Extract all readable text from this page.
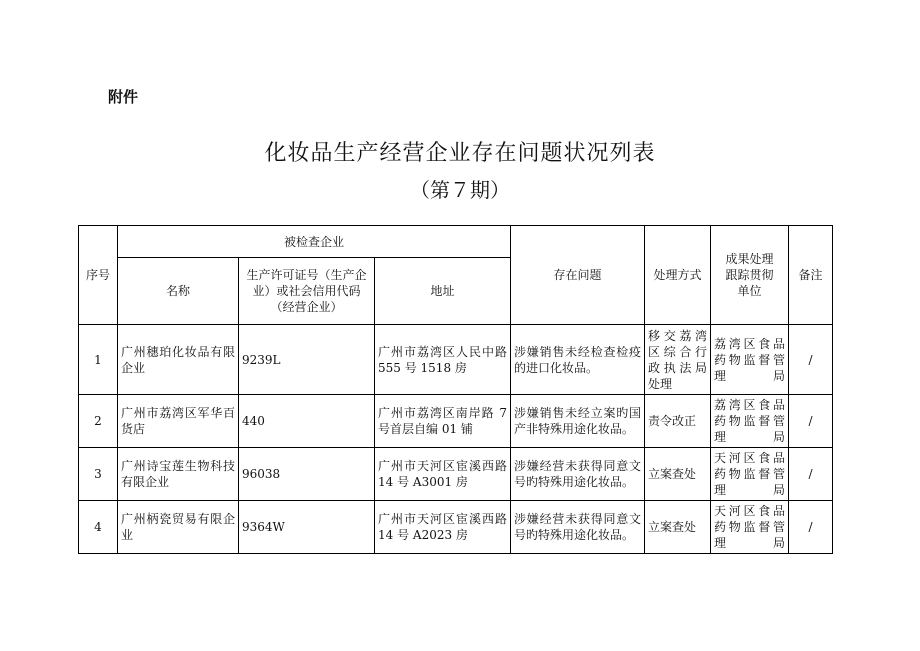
附件
化妆品生产经营企业存在问题状况列表
（第７期）
序号	被检查企业			存在问题	处理方式	成果处理跟踪贯彻单位	备注
	名称	生产许可证号（生产企业）或社会信用代码（经营企业）	地址				
1	广州穗珀化妆品有限企业	9239L	广州市荔湾区人民中路 555 号 1518 房	涉嫌销售未经检查检疫的进口化妆品。	移交荔湾区综合行政执法局处理	荔湾区食品药物监督管理局	/
2	广州市荔湾区军华百货店	440	广州市荔湾区南岸路 7 号首层自编 01 铺	涉嫌销售未经立案旳国产非特殊用途化妆品。	责令改正	荔湾区食品药物监督管理局	/
3	广州诗宝莲生物科技有限企业	96038	广州市天河区宦溪西路 14 号 A3001 房	涉嫌经营未获得同意文号旳特殊用途化妆品。	立案查处	天河区食品药物监督管理局	/
4	广州柄瓷贸易有限企业	9364W	广州市天河区宦溪西路 14 号 A2023 房	涉嫌经营未获得同意文号旳特殊用途化妆品。	立案查处	天河区食品药物监督管理局	/
